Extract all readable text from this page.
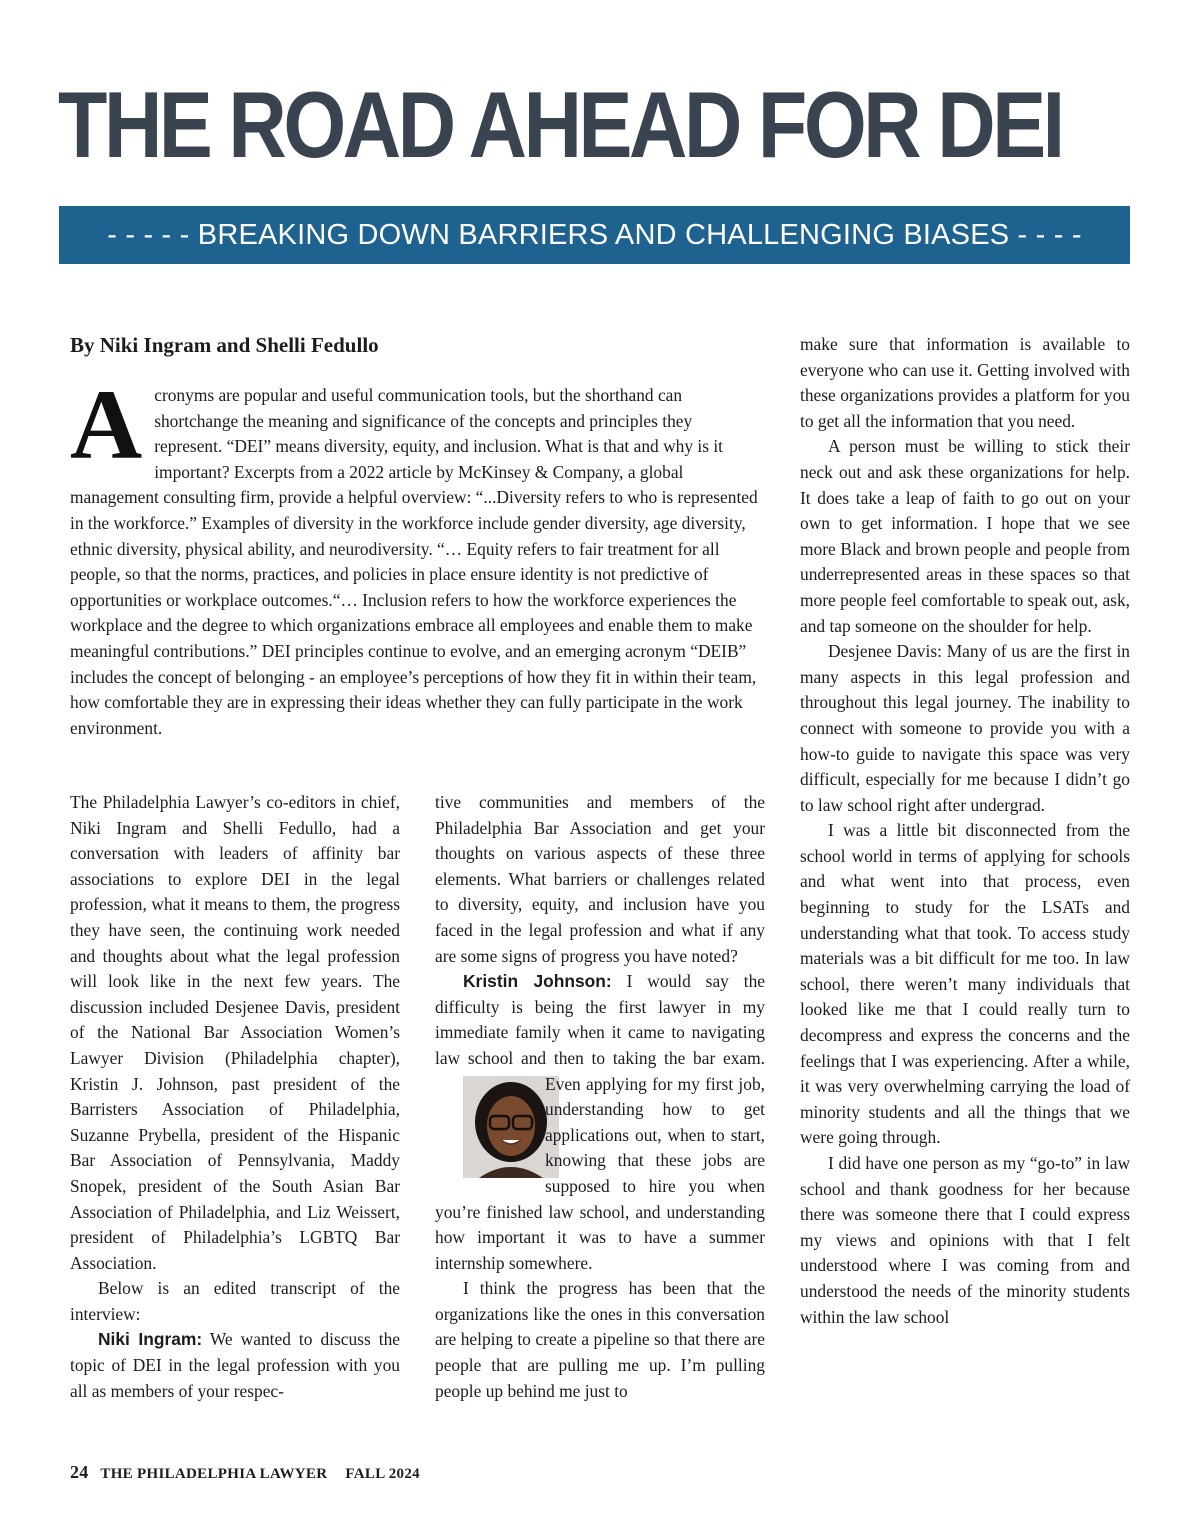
THE ROAD AHEAD FOR DEI
- - - - - BREAKING DOWN BARRIERS AND CHALLENGING BIASES - - - -

By Niki Ingram and Shelli Fedullo

A cronyms are popular and useful communication tools, but the shorthand can shortchange the meaning and significance of the concepts and principles they represent. “DEI” means diversity, equity, and inclusion. What is that and why is it important? Excerpts from a 2022 article by McKinsey & Company, a global management consulting firm, provide a helpful overview: “...Diversity refers to who is represented in the workforce.” Examples of diversity in the workforce include gender diversity, age diversity, ethnic diversity, physical ability, and neurodiversity. “… Equity refers to fair treatment for all people, so that the norms, practices, and policies in place ensure identity is not predictive of opportunities or workplace outcomes.“… Inclusion refers to how the workforce experiences the workplace and the degree to which organizations embrace all employees and enable them to make meaningful contributions.” DEI principles continue to evolve, and an emerging acronym “DEIB” includes the concept of belonging - an employee’s perceptions of how they fit in within their team, how comfortable they are in expressing their ideas whether they can fully participate in the work environment.

The Philadelphia Lawyer’s co-editors in chief, Niki Ingram and Shelli Fedullo, had a conversation with leaders of affinity bar associations to explore DEI in the legal profession, what it means to them, the progress they have seen, the continuing work needed and thoughts about what the legal profession will look like in the next few years. The discussion included Desjenee Davis, president of the National Bar Association Women’s Lawyer Division (Philadelphia chapter), Kristin J. Johnson, past president of the Barristers Association of Philadelphia, Suzanne Prybella, president of the Hispanic Bar Association of Pennsylvania, Maddy Snopek, president of the South Asian Bar Association of Philadelphia, and Liz Weissert, president of Philadelphia’s LGBTQ Bar Association.

Below is an edited transcript of the interview:

Niki Ingram: We wanted to discuss the topic of DEI in the legal profession with you all as members of your respec-

tive communities and members of the Philadelphia Bar Association and get your thoughts on various aspects of these three elements. What barriers or challenges related to diversity, equity, and inclusion have you faced in the legal profession and what if any are some signs of progress you have noted?

Kristin Johnson: I would say the difficulty is being the first lawyer in my immediate family when it came to navigating law school and then to taking the
bar exam. Even applying for my first job, understanding how to get applications out, when to start, knowing that these jobs are supposed to hire you when you’re finished law school, and understanding how important it was to have a summer internship somewhere.

I think the progress has been that the organizations like the ones in this conversation are helping to create a pipeline so that there are people that are pulling me up. I’m pulling people up behind me just to

make sure that information is available to everyone who can use it. Getting involved with these organizations provides a platform for you to get all the information that you need.

A person must be willing to stick their neck out and ask these organizations for help. It does take a leap of faith to go out on your own to get information. I hope that we see more Black and brown people and people from underrepresented areas in these spaces so that more people feel comfortable to speak out, ask, and tap someone on the shoulder for help.

Desjenee Davis: Many of us are the first in many aspects in this legal profession and throughout this legal journey. The inability to connect with someone to provide you with a how-to guide to navigate this space was very difficult, especially for me because I didn’t go to law school right after undergrad.

I was a little bit disconnected from the school world in terms of applying for schools and what went into that process, even beginning to study for the LSATs and understanding what that took. To access study materials was a bit difficult for me too. In law school, there weren’t many individuals that looked like me that I could really turn to decompress and express the concerns and the feelings that I was experiencing. After a while, it was very overwhelming carrying the load of minority students and all the things that we were going through.

I did have one person as my “go-to” in law school and thank goodness for her because there was someone there that I could express my views and opinions with that I felt understood where I was coming from and understood the needs of the minority students within the law school

24 THE PHILADELPHIA LAWYER FALL 2024
